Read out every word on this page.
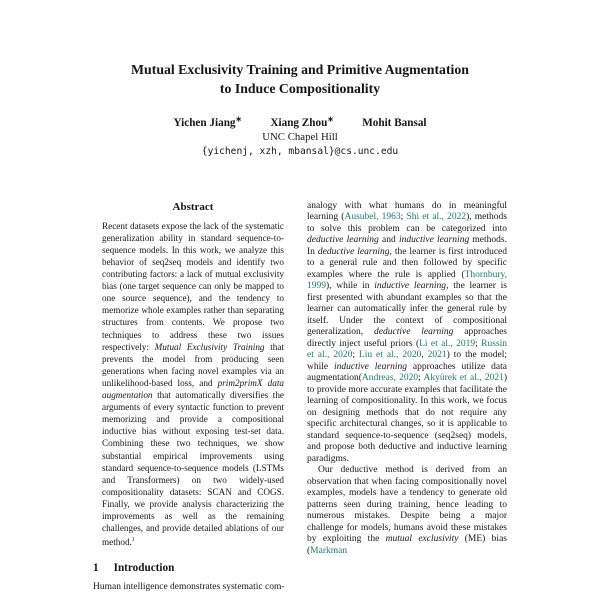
Mutual Exclusivity Training and Primitive Augmentation
to Induce Compositionality
Yichen Jiang∗	Xiang Zhou∗	Mohit Bansal
UNC Chapel Hill
{yichenj, xzh, mbansal}@cs.unc.edu
Abstract

Recent datasets expose the lack of the systematic generalization ability in standard sequence-to-sequence models. In this work, we analyze this behavior of seq2seq models and identify two contributing factors: a lack of mutual exclusivity bias (one target sequence can only be mapped to one source sequence), and the tendency to memorize whole examples rather than separating structures from contents. We propose two techniques to address these two issues respectively: Mutual Exclusivity Training that prevents the model from producing seen generations when facing novel examples via an unlikelihood-based loss, and prim2primX data augmentation that automatically diversifies the arguments of every syntactic function to prevent memorizing and provide a compositional inductive bias without exposing test-set data. Combining these two techniques, we show substantial empirical improvements using standard sequence-to-sequence models (LSTMs and Transformers) on two widely-used compositionality datasets: SCAN and COGS. Finally, we provide analysis characterizing the improvements as well as the remaining challenges, and provide detailed ablations of our method.$^1$

1 Introduction

Human intelligence demonstrates systematic com-

analogy with what humans do in meaningful learning (Ausubel, 1963; Shi et al., 2022), methods to solve this problem can be categorized into deductive learning and inductive learning methods. In deductive learning, the learner is first introduced to a general rule and then followed by specific examples where the rule is applied (Thornbury, 1999), while in inductive learning, the learner is first presented with abundant examples so that the learner can automatically infer the general rule by itself. Under the context of compositional generalization, deductive learning approaches directly inject useful priors (Li et al., 2019; Russin et al., 2020; Liu et al., 2020, 2021) to the model; while inductive learning approaches utilize data augmentation(Andreas, 2020; Akyürek et al., 2021) to provide more accurate examples that facilitate the learning of compositionality. In this work, we focus on designing methods that do not require any specific architectural changes, so it is applicable to standard sequence-to-sequence (seq2seq) models, and propose both deductive and inductive learning paradigms.

Our deductive method is derived from an observation that when facing compositionally novel examples, models have a tendency to generate old patterns seen during training, hence leading to numerous mistakes. Despite being a major challenge for models, humans avoid these mistakes by exploiting the mutual exclusivity (ME) bias (Markman
